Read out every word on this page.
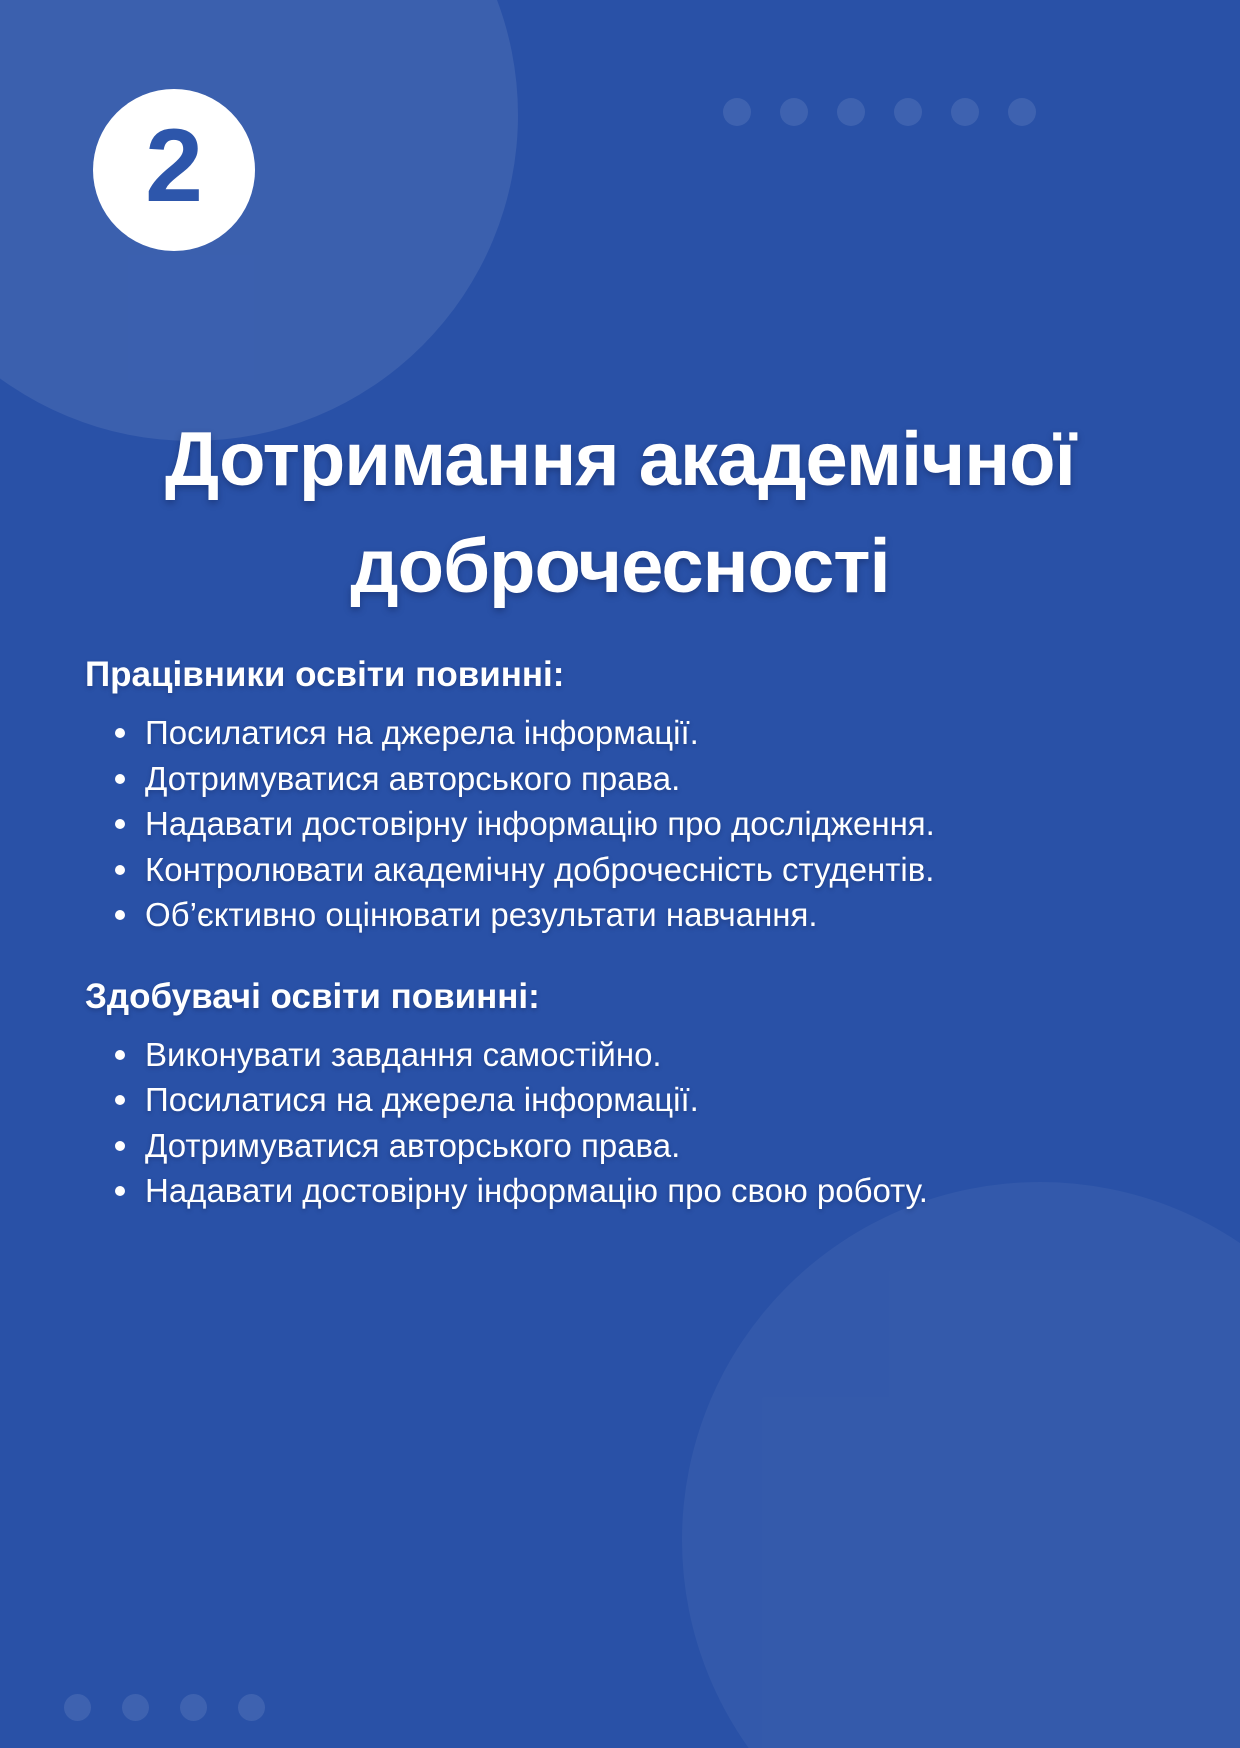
2
Дотримання академічної
доброчесності
Працівники освіти повинні:
Посилатися на джерела інформації.
Дотримуватися авторського права.
Надавати достовірну інформацію про дослідження.
Контролювати академічну доброчесність студентів.
Об’єктивно оцінювати результати навчання.
Здобувачі освіти повинні:
Виконувати завдання самостійно.
Посилатися на джерела інформації.
Дотримуватися авторського права.
Надавати достовірну інформацію про свою роботу.
